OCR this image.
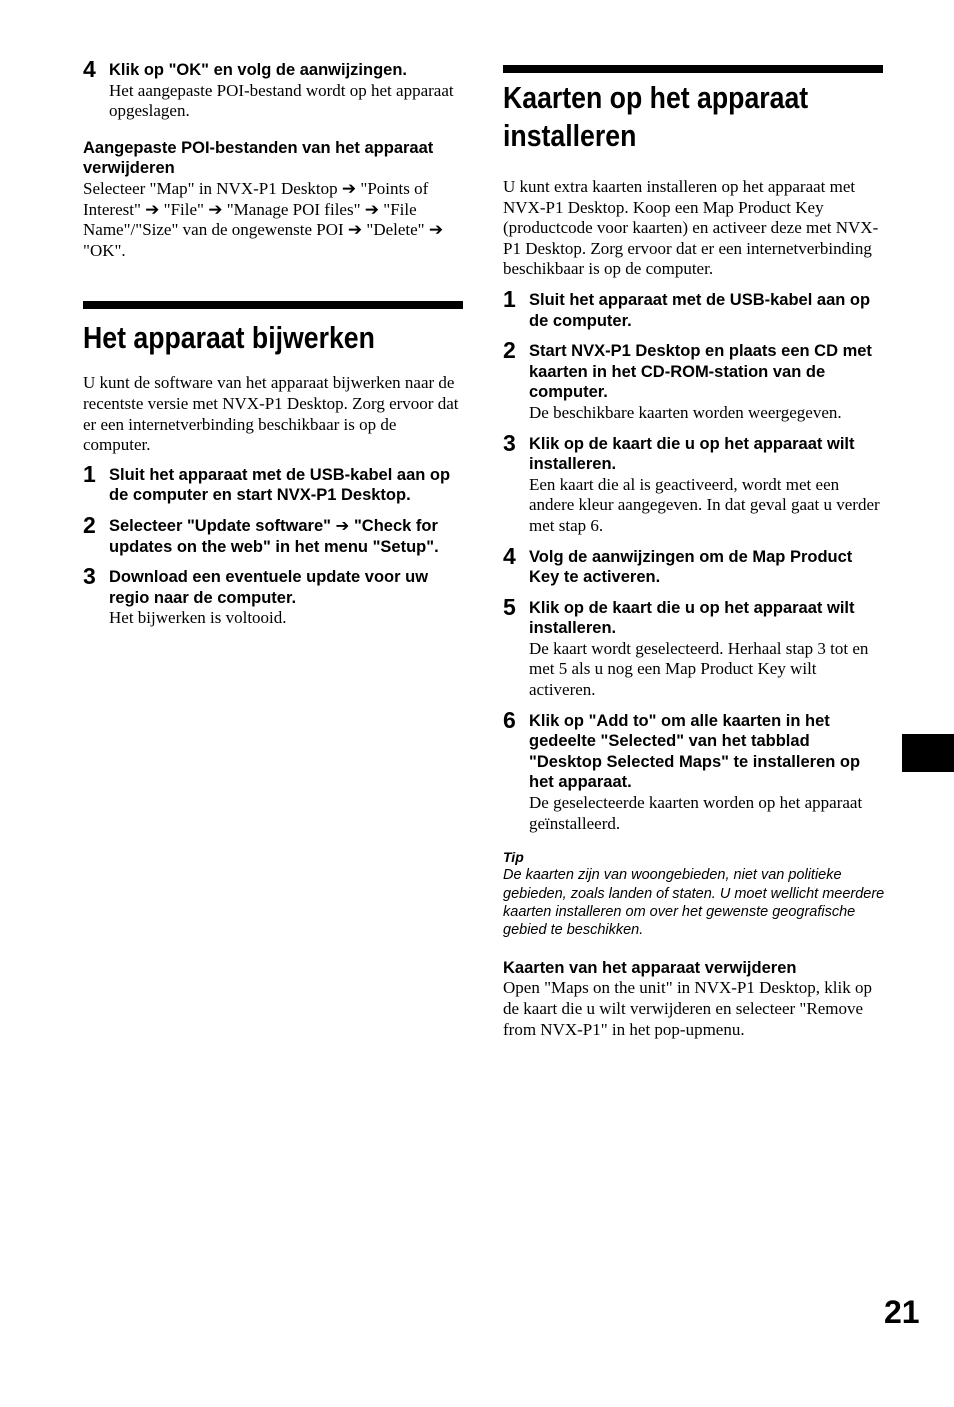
4 Klik op "OK" en volg de aanwijzingen.

Het aangepaste POI-bestand wordt op het apparaat opgeslagen.

Aangepaste POI-bestanden van het apparaat verwijderen

Selecteer "Map" in NVX-P1 Desktop ➔ "Points of Interest" ➔ "File" ➔ "Manage POI files" ➔ "File Name"/"Size" van de ongewenste POI ➔ "Delete" ➔ "OK".

Het apparaat bijwerken

U kunt de software van het apparaat bijwerken naar de recentste versie met NVX-P1 Desktop. Zorg ervoor dat er een internetverbinding beschikbaar is op de computer.

1 Sluit het apparaat met de USB-kabel aan op de computer en start NVX-P1 Desktop.

2 Selecteer "Update software" ➔ "Check for updates on the web" in het menu "Setup".

3 Download een eventuele update voor uw regio naar de computer.

Het bijwerken is voltooid.

Kaarten op het apparaat
installeren

U kunt extra kaarten installeren op het apparaat met NVX-P1 Desktop. Koop een Map Product Key (productcode voor kaarten) en activeer deze met NVX-P1 Desktop. Zorg ervoor dat er een internetverbinding beschikbaar is op de computer.

1 Sluit het apparaat met de USB-kabel aan op de computer.

2 Start NVX-P1 Desktop en plaats een CD met kaarten in het CD-ROM-station van de computer.

De beschikbare kaarten worden weergegeven.

3 Klik op de kaart die u op het apparaat wilt installeren.

Een kaart die al is geactiveerd, wordt met een andere kleur aangegeven. In dat geval gaat u verder met stap 6.

4 Volg de aanwijzingen om de Map Product Key te activeren.

5 Klik op de kaart die u op het apparaat wilt installeren.

De kaart wordt geselecteerd. Herhaal stap 3 tot en met 5 als u nog een Map Product Key wilt activeren.

6 Klik op "Add to" om alle kaarten in het gedeelte "Selected" van het tabblad "Desktop Selected Maps" te installeren op het apparaat.

De geselecteerde kaarten worden op het apparaat geïnstalleerd.

Tip

De kaarten zijn van woongebieden, niet van politieke gebieden, zoals landen of staten. U moet wellicht meerdere kaarten installeren om over het gewenste geografische gebied te beschikken.

Kaarten van het apparaat verwijderen

Open "Maps on the unit" in NVX-P1 Desktop, klik op de kaart die u wilt verwijderen en selecteer "Remove from NVX-P1" in het pop-upmenu.

21
